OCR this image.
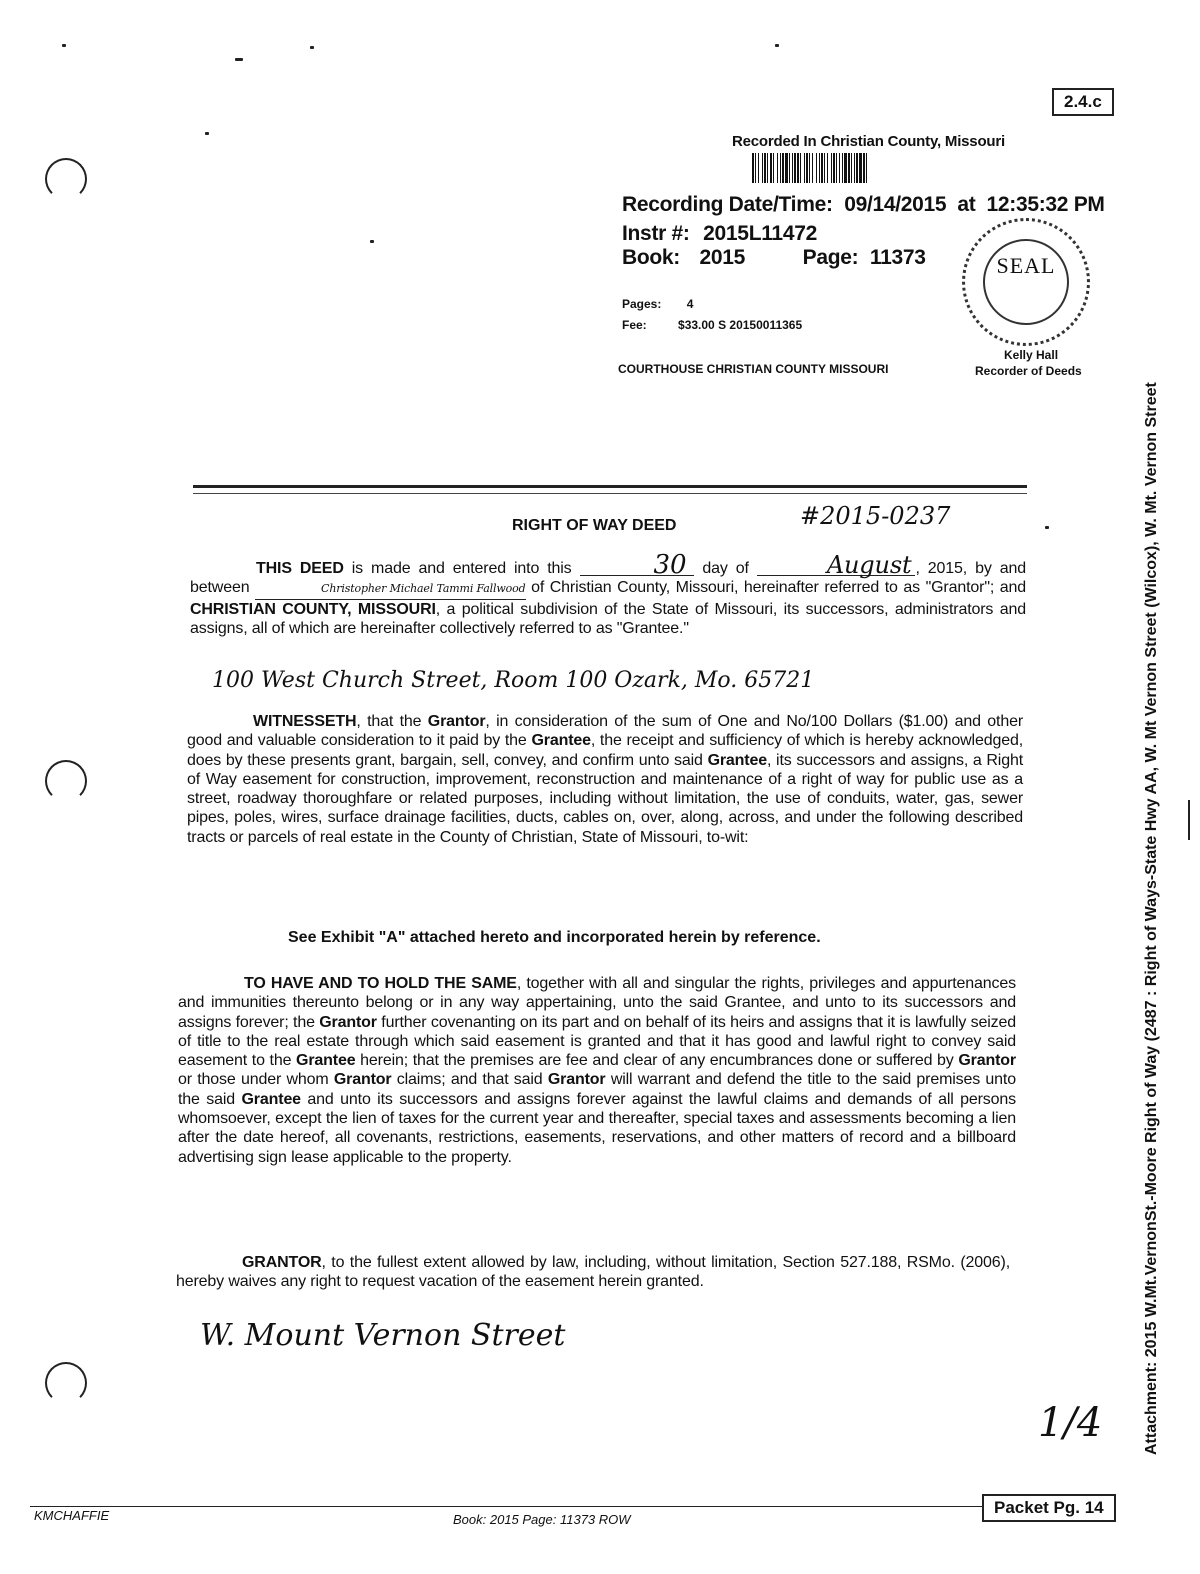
2.4.c
Recorded In Christian County, Missouri
Recording Date/Time: 09/14/2015  at  12:35:32 PM
Instr #: 2015L11472
Book: 2015	Page: 11373
Pages: 4
Fee:	$33.00 S 20150011365
COURTHOUSE CHRISTIAN COUNTY MISSOURI
SEAL
Kelly Hall
Recorder of Deeds
RIGHT OF WAY DEED	#2015-0237
THIS DEED is made and entered into this	30 day of	August , 2015, by and between	Christopher Michael Tammi Fallwood of Christian County, Missouri, hereinafter referred to as "Grantor"; and CHRISTIAN COUNTY, MISSOURI, a political subdivision of the State of Missouri, its successors, administrators and assigns, all of which are hereinafter collectively referred to as "Grantee."
100 West Church Street, Room 100 Ozark, Mo. 65721
WITNESSETH, that the Grantor, in consideration of the sum of One and No/100 Dollars ($1.00) and other good and valuable consideration to it paid by the Grantee, the receipt and sufficiency of which is hereby acknowledged, does by these presents grant, bargain, sell, convey, and confirm unto said Grantee, its successors and assigns, a Right of Way easement for construction, improvement, reconstruction and maintenance of a right of way for public use as a street, roadway thoroughfare or related purposes, including without limitation, the use of conduits, water, gas, sewer pipes, poles, wires, surface drainage facilities, ducts, cables on, over, along, across, and under the following described tracts or parcels of real estate in the County of Christian, State of Missouri, to-wit:
See Exhibit "A" attached hereto and incorporated herein by reference.
TO HAVE AND TO HOLD THE SAME, together with all and singular the rights, privileges and appurtenances and immunities thereunto belong or in any way appertaining, unto the said Grantee, and unto to its successors and assigns forever; the Grantor further covenanting on its part and on behalf of its heirs and assigns that it is lawfully seized of title to the real estate through which said easement is granted and that it has good and lawful right to convey said easement to the Grantee herein; that the premises are fee and clear of any encumbrances done or suffered by Grantor or those under whom Grantor claims; and that said Grantor will warrant and defend the title to the said premises unto the said Grantee and unto its successors and assigns forever against the lawful claims and demands of all persons whomsoever, except the lien of taxes for the current year and thereafter, special taxes and assessments becoming a lien after the date hereof, all covenants, restrictions, easements, reservations, and other matters of record and a billboard advertising sign lease applicable to the property.
GRANTOR, to the fullest extent allowed by law, including, without limitation, Section 527.188, RSMo. (2006), hereby waives any right to request vacation of the easement herein granted.
W. Mount Vernon Street
1/4	Attachment: 2015 W.Mt.VernonSt.-Moore Right of Way (2487 : Right of Ways-State Hwy AA, W. Mt Vernon Street (Wilcox), W. Mt. Vernon Street
KMCHAFFIE	Book: 2015 Page: 11373 ROW
Packet Pg. 14
